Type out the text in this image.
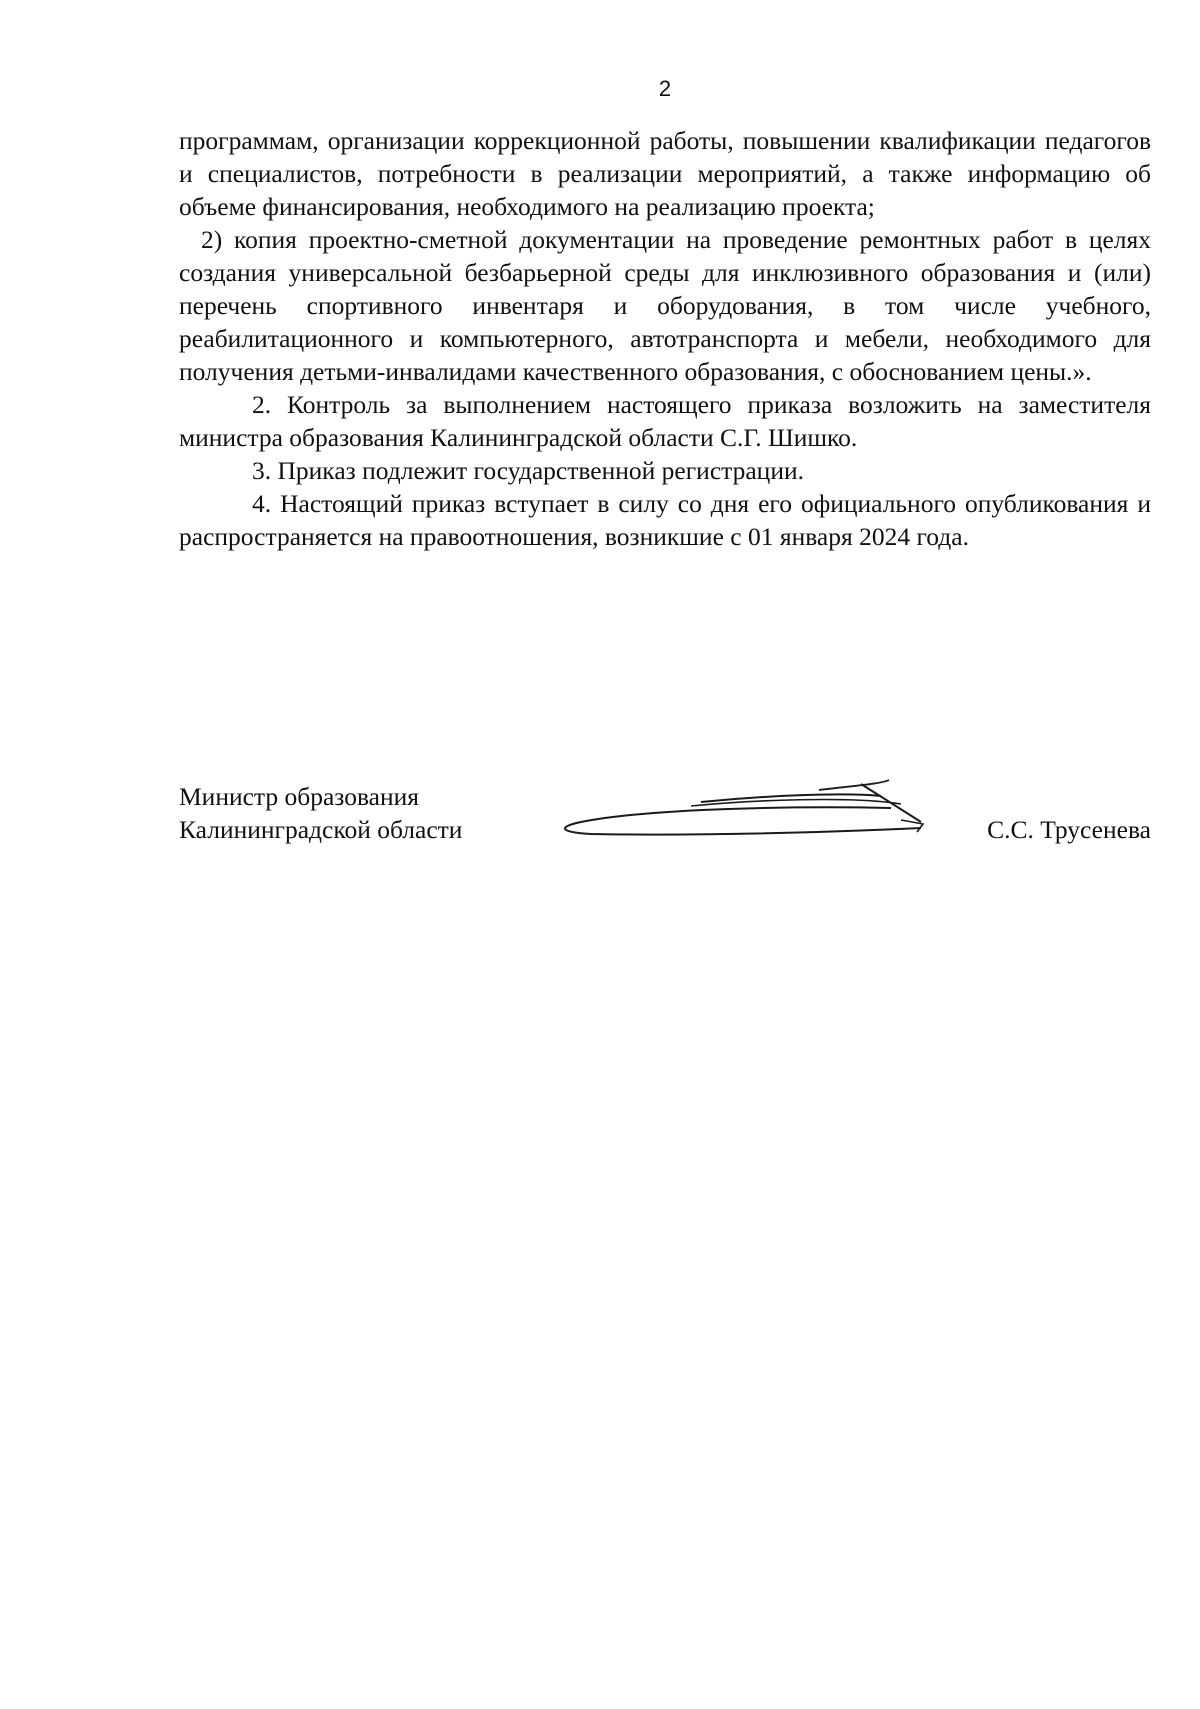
2

программам, организации коррекционной работы, повышении квалификации педагогов и специалистов, потребности в реализации мероприятий, а также информацию об объеме финансирования, необходимого на реализацию проекта;

2) копия проектно-сметной документации на проведение ремонтных работ в целях создания универсальной безбарьерной среды для инклюзивного образования и (или) перечень спортивного инвентаря и оборудования, в том числе учебного, реабилитационного и компьютерного, автотранспорта и мебели, необходимого для получения детьми-инвалидами качественного образования, с обоснованием цены.».

2. Контроль за выполнением настоящего приказа возложить на заместителя министра образования Калининградской области С.Г. Шишко.

3. Приказ подлежит государственной регистрации.

4. Настоящий приказ вступает в силу со дня его официального опубликования и распространяется на правоотношения, возникшие с 01 января 2024 года.

Министр образования
Калининградской области	С.С. Трусенева
